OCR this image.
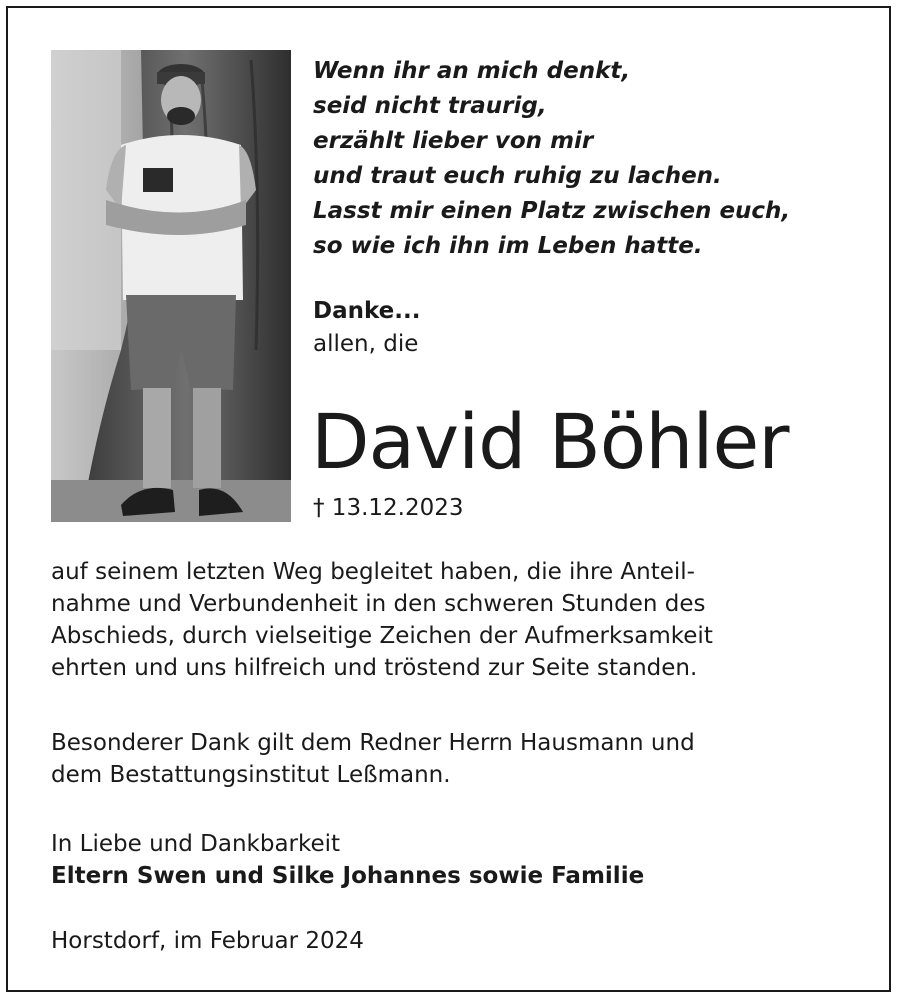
Wenn ihr an mich denkt,
seid nicht traurig,
erzählt lieber von mir
und traut euch ruhig zu lachen.
Lasst mir einen Platz zwischen euch,
so wie ich ihn im Leben hatte.
Danke...
allen, die
David Böhler
† 13.12.2023
auf seinem letzten Weg begleitet haben, die ihre Anteil-
nahme und Verbundenheit in den schweren Stunden des
Abschieds, durch vielseitige Zeichen der Aufmerksamkeit
ehrten und uns hilfreich und tröstend zur Seite standen.
Besonderer Dank gilt dem Redner Herrn Hausmann und
dem Bestattungsinstitut Leßmann.
In Liebe und Dankbarkeit
Eltern Swen und Silke Johannes sowie Familie
Horstdorf, im Februar 2024
